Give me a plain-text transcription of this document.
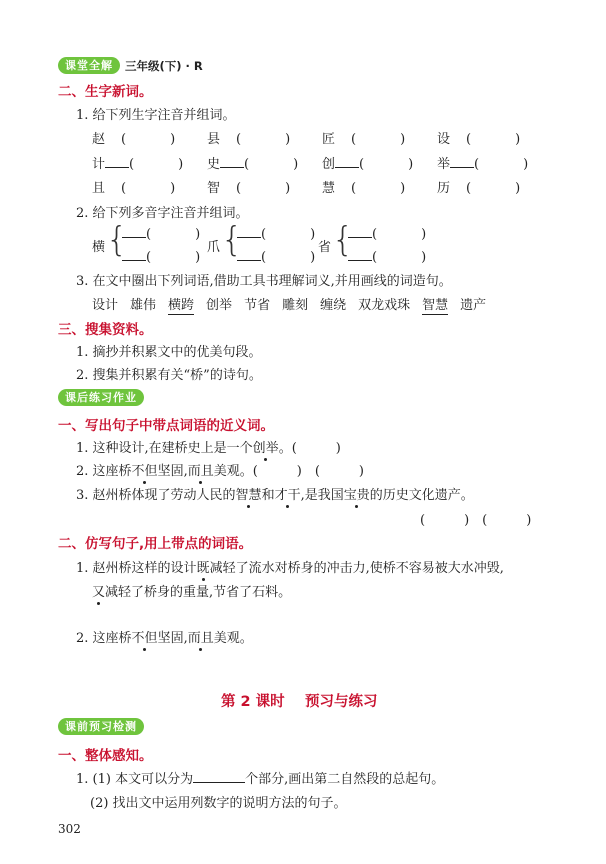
课堂全解	三年级(下) · R
二、生字新词。
1. 给下列生字注音并组词。
赵 (　　) 县 (　　) 匠 (　　) 设 (　　)
计 (　　) 史 (　　) 创 (　　) 举 (　　)
且 (　　) 智 (　　) 慧 (　　) 历 (　　)
2. 给下列多音字注音并组词。
横 {	(　　)
(　　)
爪 {	(　　)
(　　)
省 {	(　　)
(　　)
3. 在文中圈出下列词语,借助工具书理解词义,并用画线的词造句。
设计 雄伟 横跨 创举 节省 雕刻 缠绕 双龙戏珠 智慧 遗产
三、搜集资料。
1. 摘抄并积累文中的优美句段。
2. 搜集并积累有关“桥”的诗句。
课后练习作业
一、写出句子中带点词语的近义词。
1. 这种设计,在建桥史上是一个创举。(　　　)
2. 这座桥不但坚固,而且美观。(　　　)　(　　　)
3. 赵州桥体现了劳动人民的智慧和才干,是我国宝贵的历史文化遗产。
(　　　)　(　　　)
二、仿写句子,用上带点的词语。
1. 赵州桥这样的设计既减轻了流水对桥身的冲击力,使桥不容易被大水冲毁,
又减轻了桥身的重量,节省了石料。
2. 这座桥不但坚固,而且美观。
第 2 课时 预习与练习
课前预习检测
一、整体感知。
1. (1) 本文可以分为	个部分,画出第二自然段的总起句。
(2) 找出文中运用列数字的说明方法的句子。
302
